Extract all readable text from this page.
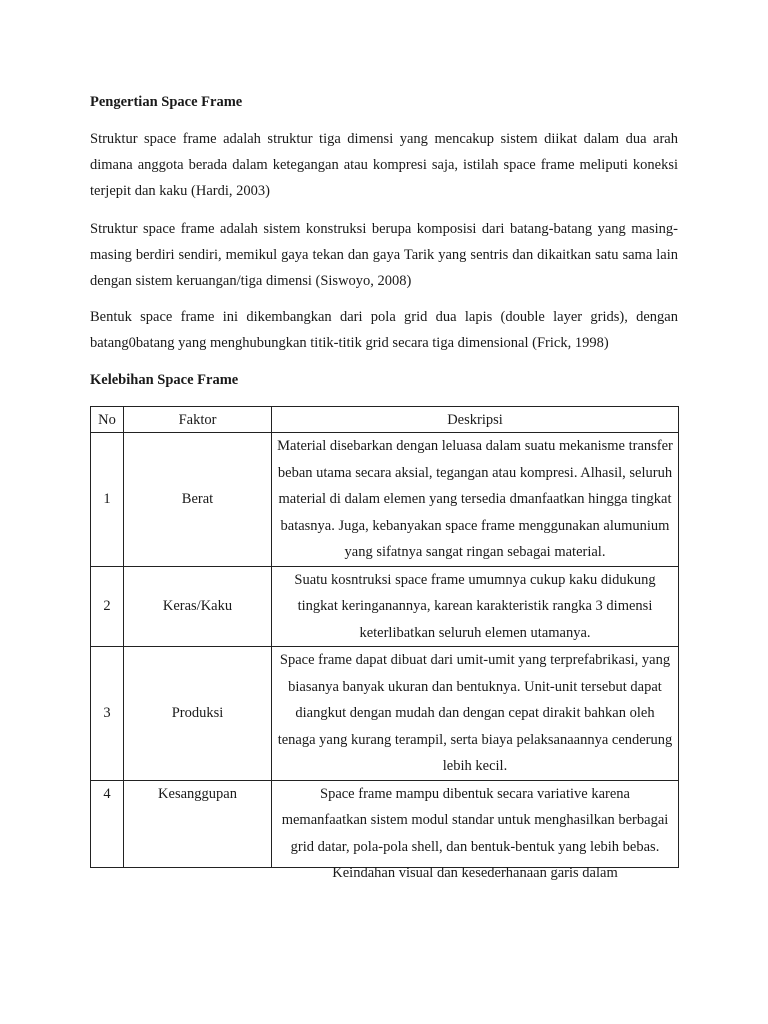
Pengertian Space Frame

Struktur space frame adalah struktur tiga dimensi yang mencakup sistem diikat dalam dua arah dimana anggota berada dalam ketegangan atau kompresi saja, istilah space frame meliputi koneksi terjepit dan kaku (Hardi, 2003)

Struktur space frame adalah sistem konstruksi berupa komposisi dari batang-batang yang masing-masing berdiri sendiri, memikul gaya tekan dan gaya Tarik yang sentris dan dikaitkan satu sama lain dengan sistem keruangan/tiga dimensi (Siswoyo, 2008)

Bentuk space frame ini dikembangkan dari pola grid dua lapis (double layer grids), dengan batang0batang yang menghubungkan titik-titik grid secara tiga dimensional (Frick, 1998)

Kelebihan Space Frame
No	Faktor	Deskripsi
1	Berat	Material disebarkan dengan leluasa dalam suatu mekanisme transfer beban utama secara aksial, tegangan atau kompresi. Alhasil, seluruh material di dalam elemen yang tersedia dmanfaatkan hingga tingkat batasnya. Juga, kebanyakan space frame menggunakan alumunium yang sifatnya sangat ringan sebagai material.
2	Keras/Kaku	Suatu kosntruksi space frame umumnya cukup kaku didukung tingkat keringanannya, karean karakteristik rangka 3 dimensi keterlibatkan seluruh elemen utamanya.
3	Produksi	Space frame dapat dibuat dari umit-umit yang terprefabrikasi, yang biasanya banyak ukuran dan bentuknya. Unit-unit tersebut dapat diangkut dengan mudah dan dengan cepat dirakit bahkan oleh tenaga yang kurang terampil, serta biaya pelaksanaannya cenderung lebih kecil.
4	Kesanggupan	Space frame mampu dibentuk secara variative karena memanfaatkan sistem modul standar untuk menghasilkan berbagai grid datar, pola-pola shell, dan bentuk-bentuk yang lebih bebas. Keindahan visual dan kesederhanaan garis dalam
